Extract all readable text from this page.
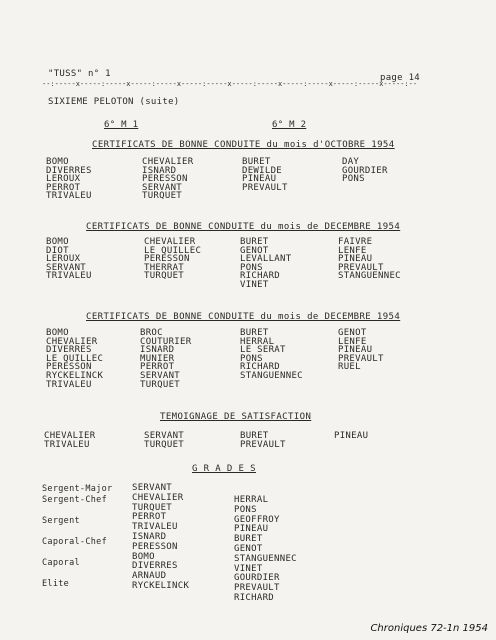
"TUSS" n° 1	page 14
--:-----x-----:-----x-----:-----x-----:-----x-----:-----x-----:-----x-----:-----x-----:--
SIXIEME PELOTON (suite)
6° M 1	6° M 2
CERTIFICATS DE BONNE CONDUITE du mois d'OCTOBRE 1954
BOMO
DIVERRES
LEROUX
PERROT
TRIVALEU
CHEVALIER
ISNARD
PERESSON
SERVANT
TURQUET
BURET
DEWILDE
PINEAU
PREVAULT
DAY
GOURDIER
PONS
CERTIFICATS DE BONNE CONDUITE du mois de DECEMBRE 1954
BOMO
DIOT
LEROUX
SERVANT
TRIVALEU
CHEVALIER
LE QUILLEC
PERESSON
THERRAT
TURQUET
BURET
GENOT
LEVALLANT
PONS
RICHARD
VINET
FAIVRE
LENFE
PINEAU
PREVAULT
STANGUENNEC
CERTIFICATS DE BONNE CONDUITE du mois de DECEMBRE 1954
BOMO
CHEVALIER
DIVERRES
LE QUILLEC
PERESSON
RYCKELINCK
TRIVALEU
BROC
COUTURIER
ISNARD
MUNIER
PERROT
SERVANT
TURQUET
BURET
HERRAL
LE SERAT
PONS
RICHARD
STANGUENNEC
GENOT
LENFE
PINEAU
PREVAULT
RUEL
TEMOIGNAGE DE SATISFACTION
CHEVALIER
TRIVALEU
SERVANT
TURQUET
BURET
PREVAULT
PINEAU
G R A D E S
Sergent-Major
Sergent-Chef

Sergent

Caporal-Chef

Caporal

Elite
SERVANT
CHEVALIER
TURQUET
PERROT
TRIVALEU
ISNARD
PERESSON
BOMO
DIVERRES
ARNAUD
RYCKELINCK
HERRAL
PONS
GEOFFROY
PINEAU
BURET
GENOT
STANGUENNEC
VINET
GOURDIER
PREVAULT
RICHARD
Chroniques 72-1n 1954
